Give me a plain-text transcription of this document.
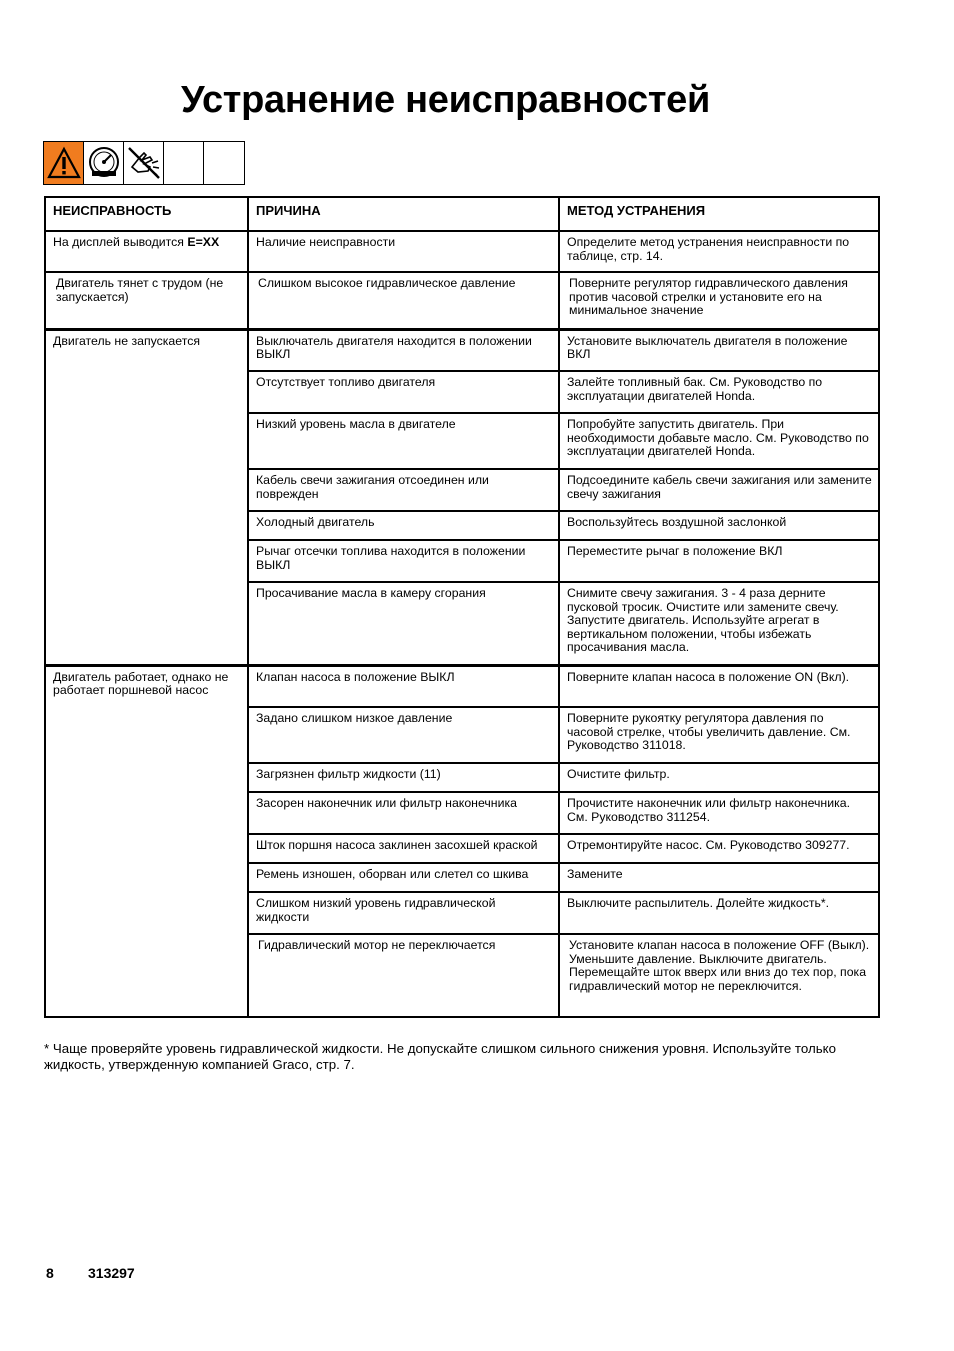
Устранение неисправностей
НЕИСПРАВНОСТЬ	ПРИЧИНА	МЕТОД УСТРАНЕНИЯ
На дисплей выводится E=XX	Наличие неисправности	Определите метод устранения неисправности по таблице, стр. 14.
Двигатель тянет с трудом (не запускается)	Слишком высокое гидравлическое давление	Поверните регулятор гидравлического давления против часовой стрелки и установите его на минимальное значение
Двигатель не запускается	Выключатель двигателя находится в положении ВЫКЛ	Установите выключатель двигателя в положение ВКЛ
	Отсутствует топливо двигателя	Залейте топливный бак. См. Руководство по эксплуатации двигателей Honda.
	Низкий уровень масла в двигателе	Попробуйте запустить двигатель. При необходимости добавьте масло. См. Руководство по эксплуатации двигателей Honda.
	Кабель свечи зажигания отсоединен или поврежден	Подсоедините кабель свечи зажигания или замените свечу зажигания
	Холодный двигатель	Воспользуйтесь воздушной заслонкой
	Рычаг отсечки топлива находится в положении ВЫКЛ	Переместите рычаг в положение ВКЛ
	Просачивание масла в камеру сгорания	Снимите свечу зажигания. 3 - 4 раза дерните пусковой тросик. Очистите или замените свечу. Запустите двигатель. Используйте агрегат в вертикальном положении, чтобы избежать просачивания масла.
Двигатель работает, однако не работает поршневой насос	Клапан насоса в положение ВЫКЛ	Поверните клапан насоса в положение ON (Вкл).
	Задано слишком низкое давление	Поверните рукоятку регулятора давления по часовой стрелке, чтобы увеличить давление. См. Руководство 311018.
	Загрязнен фильтр жидкости (11)	Очистите фильтр.
	Засорен наконечник или фильтр наконечника	Прочистите наконечник или фильтр наконечника. См. Руководство 311254.
	Шток поршня насоса заклинен засохшей краской	Отремонтируйте насос. См. Руководство 309277.
	Ремень изношен, оборван или слетел со шкива	Замените
	Слишком низкий уровень гидравлической жидкости	Выключите распылитель. Долейте жидкость*.
	Гидравлический мотор не переключается	Установите клапан насоса в положение OFF (Выкл). Уменьшите давление. Выключите двигатель. Перемещайте шток вверх или вниз до тех пор, пока гидравлический мотор не переключится.

* Чаще проверяйте уровень гидравлической жидкости. Не допускайте слишком сильного снижения уровня. Используйте только жидкость, утвержденную компанией Graco, стр. 7.

8 313297
